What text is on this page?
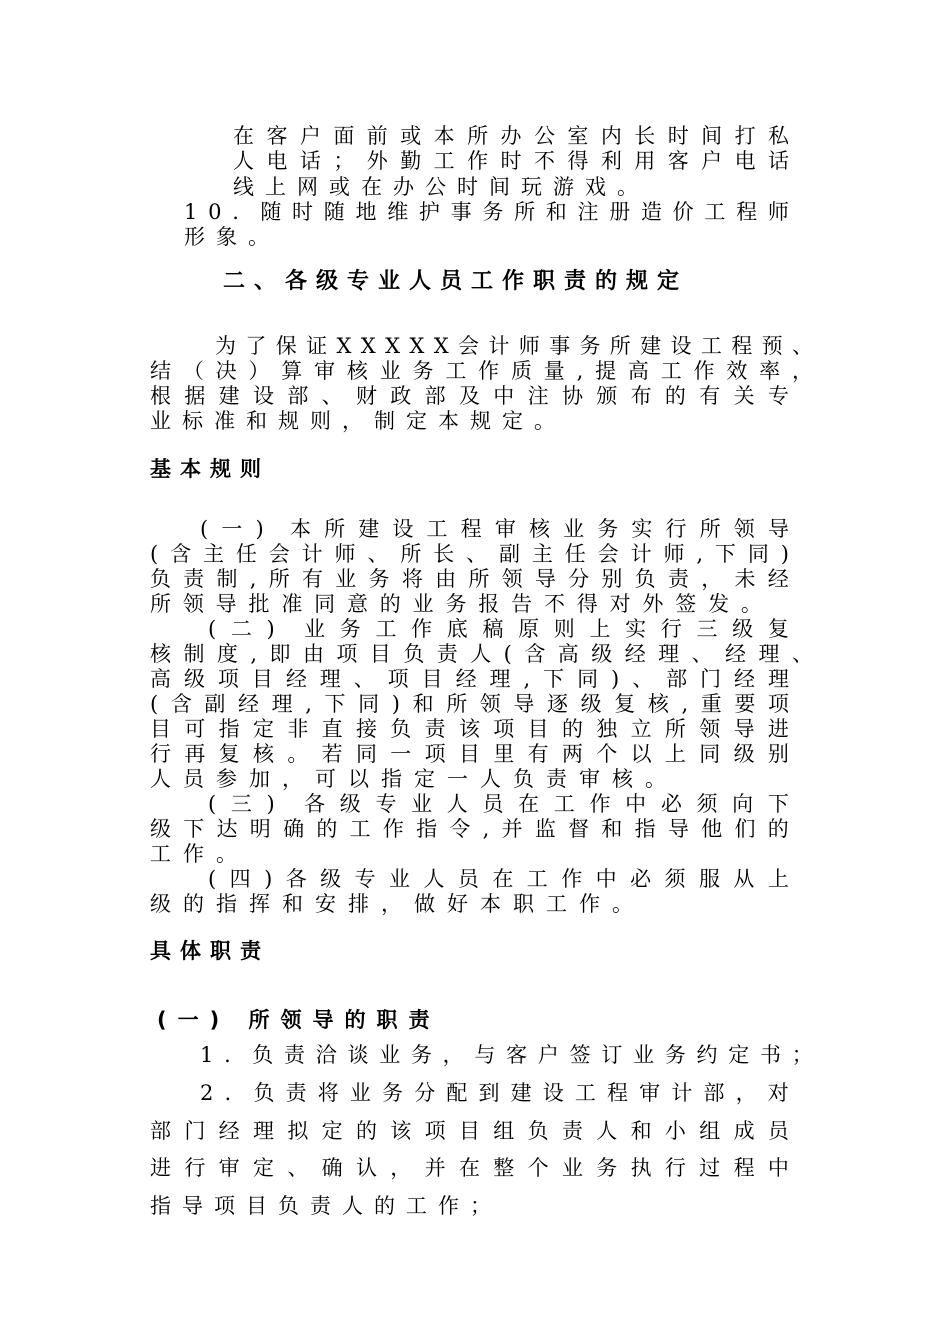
在 客 户 面 前 或 本 所 办 公 室 内 长 时 间 打 私
人 电 话 ； 外 勤 工 作 时 不 得 利 用 客 户 电 话
线上网或在办公时间玩游戏。
1 0 . 随 时 随 地 维 护 事 务 所 和 注 册 造 价 工 程 师
形象。
二、各级专业人员工作职责的规定
为 了 保 证 X X X X X 会 计 师 事 务 所 建 设 工 程 预 、
结 （ 决 ） 算 审 核 业 务 工 作 质 量 , 提 高 工 作 效 率 ，
根 据 建 设 部 、 财 政 部 及 中 注 协 颁 布 的 有 关 专
业标准和规则，制定本规定。
基本规则
( 一 ) 本 所 建 设 工 程 审 核 业 务 实 行 所 领 导
( 含 主 任 会 计 师 、 所 长 、 副 主 任 会 计 师 , 下 同 )
负 责 制 , 所 有 业 务 将 由 所 领 导 分 别 负 责 ， 未 经
所 领 导 批 准 同 意 的 业 务 报 告 不 得 对 外 签 发 。
( 二 ) 业 务 工 作 底 稿 原 则 上 实 行 三 级 复
核 制 度 , 即 由 项 目 负 责 人 ( 含 高 级 经 理 、 经 理 、
高 级 项 目 经 理 、 项 目 经 理 , 下 同 ) 、 部 门 经 理
( 含 副 经 理 , 下 同 ) 和 所 领 导 逐 级 复 核 , 重 要 项
目 可 指 定 非 直 接 负 责 该 项 目 的 独 立 所 领 导 进
行 再 复 核 。 若 同 一 项 目 里 有 两 个 以 上 同 级 别
人员参加，可以指定一人负责审核。
( 三 ) 各 级 专 业 人 员 在 工 作 中 必 须 向 下
级 下 达 明 确 的 工 作 指 令 , 并 监 督 和 指 导 他 们 的
工作。
( 四 ) 各 级 专 业 人 员 在 工 作 中 必 须 服 从 上
级的指挥和安排，做好本职工作。
具体职责
(一) 所领导的职责
1 . 负 责 洽 谈 业 务 ， 与 客 户 签 订 业 务 约 定 书 ；
2 . 负 责 将 业 务 分 配 到 建 设 工 程 审 计 部 ， 对
部 门 经 理 拟 定 的 该 项 目 组 负 责 人 和 小 组 成 员
进 行 审 定 、 确 认 ， 并 在 整 个 业 务 执 行 过 程 中
指导项目负责人的工作；
